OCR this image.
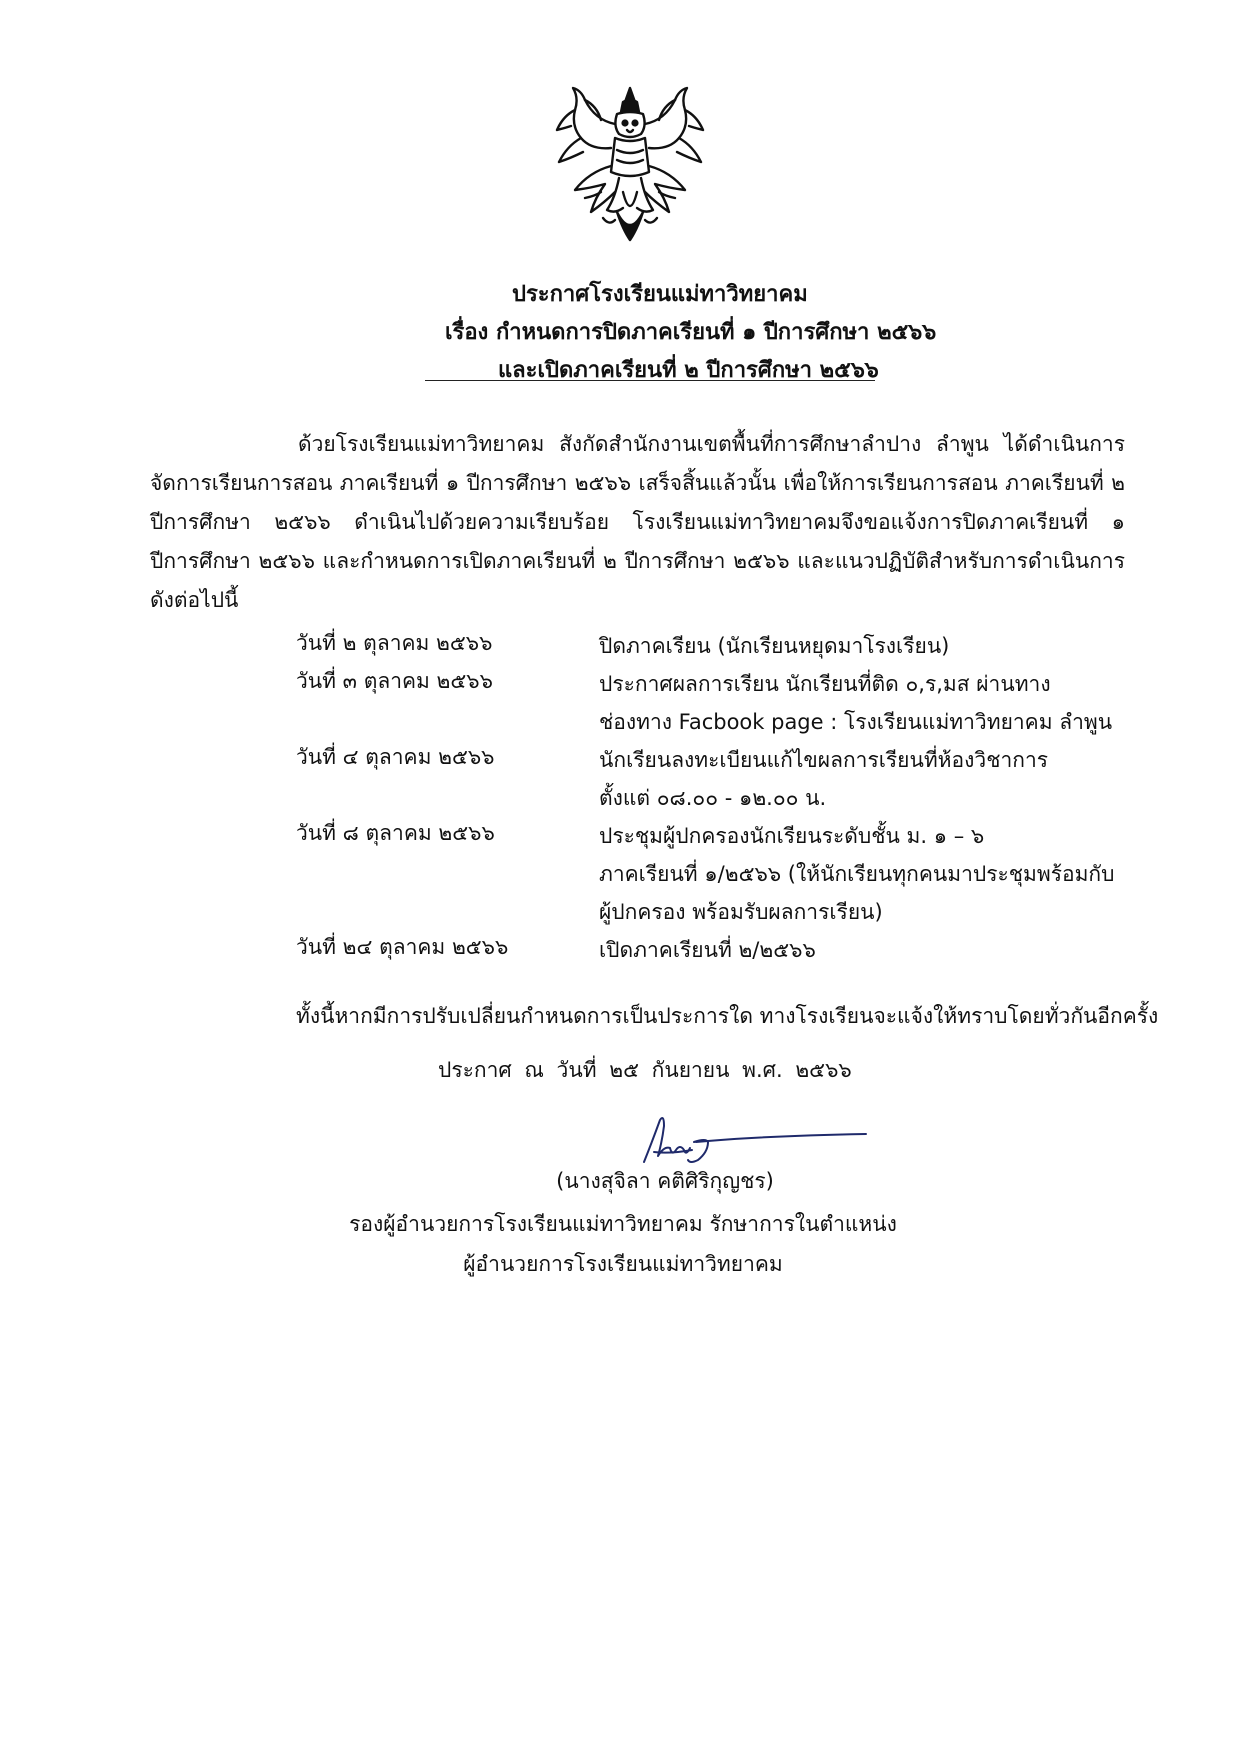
ประกาศโรงเรียนแม่ทาวิทยาคม
เรื่อง กำหนดการปิดภาคเรียนที่ ๑ ปีการศึกษา ๒๕๖๖
และเปิดภาคเรียนที่ ๒ ปีการศึกษา ๒๕๖๖
ด้วยโรงเรียนแม่ทาวิทยาคม สังกัดสำนักงานเขตพื้นที่การศึกษาลำปาง ลำพูน ได้ดำเนินการ
จัดการเรียนการสอน ภาคเรียนที่ ๑ ปีการศึกษา ๒๕๖๖ เสร็จสิ้นแล้วนั้น เพื่อให้การเรียนการสอน ภาคเรียนที่ ๒
ปีการศึกษา ๒๕๖๖ ดำเนินไปด้วยความเรียบร้อย โรงเรียนแม่ทาวิทยาคมจึงขอแจ้งการปิดภาคเรียนที่ ๑
ปีการศึกษา ๒๕๖๖ และกำหนดการเปิดภาคเรียนที่ ๒ ปีการศึกษา ๒๕๖๖ และแนวปฏิบัติสำหรับการดำเนินการ
ดังต่อไปนี้
วันที่ ๒ ตุลาคม ๒๕๖๖	ปิดภาคเรียน (นักเรียนหยุดมาโรงเรียน)
วันที่ ๓ ตุลาคม ๒๕๖๖	ประกาศผลการเรียน นักเรียนที่ติด ๐,ร,มส ผ่านทาง
ช่องทาง Facbook page : โรงเรียนแม่ทาวิทยาคม ลำพูน
วันที่ ๔ ตุลาคม ๒๕๖๖	นักเรียนลงทะเบียนแก้ไขผลการเรียนที่ห้องวิชาการ
ตั้งแต่ ๐๘.๐๐ - ๑๒.๐๐ น.
วันที่ ๘ ตุลาคม ๒๕๖๖	ประชุมผู้ปกครองนักเรียนระดับชั้น ม. ๑ – ๖
ภาคเรียนที่ ๑/๒๕๖๖ (ให้นักเรียนทุกคนมาประชุมพร้อมกับ
ผู้ปกครอง พร้อมรับผลการเรียน)
วันที่ ๒๔ ตุลาคม ๒๕๖๖	เปิดภาคเรียนที่ ๒/๒๕๖๖
ทั้งนี้หากมีการปรับเปลี่ยนกำหนดการเป็นประการใด ทางโรงเรียนจะแจ้งให้ทราบโดยทั่วกันอีกครั้ง
ประกาศ ณ วันที่ ๒๕ กันยายน พ.ศ. ๒๕๖๖
(นางสุจิลา คติศิริกุญชร)
รองผู้อำนวยการโรงเรียนแม่ทาวิทยาคม รักษาการในตำแหน่ง
ผู้อำนวยการโรงเรียนแม่ทาวิทยาคม
